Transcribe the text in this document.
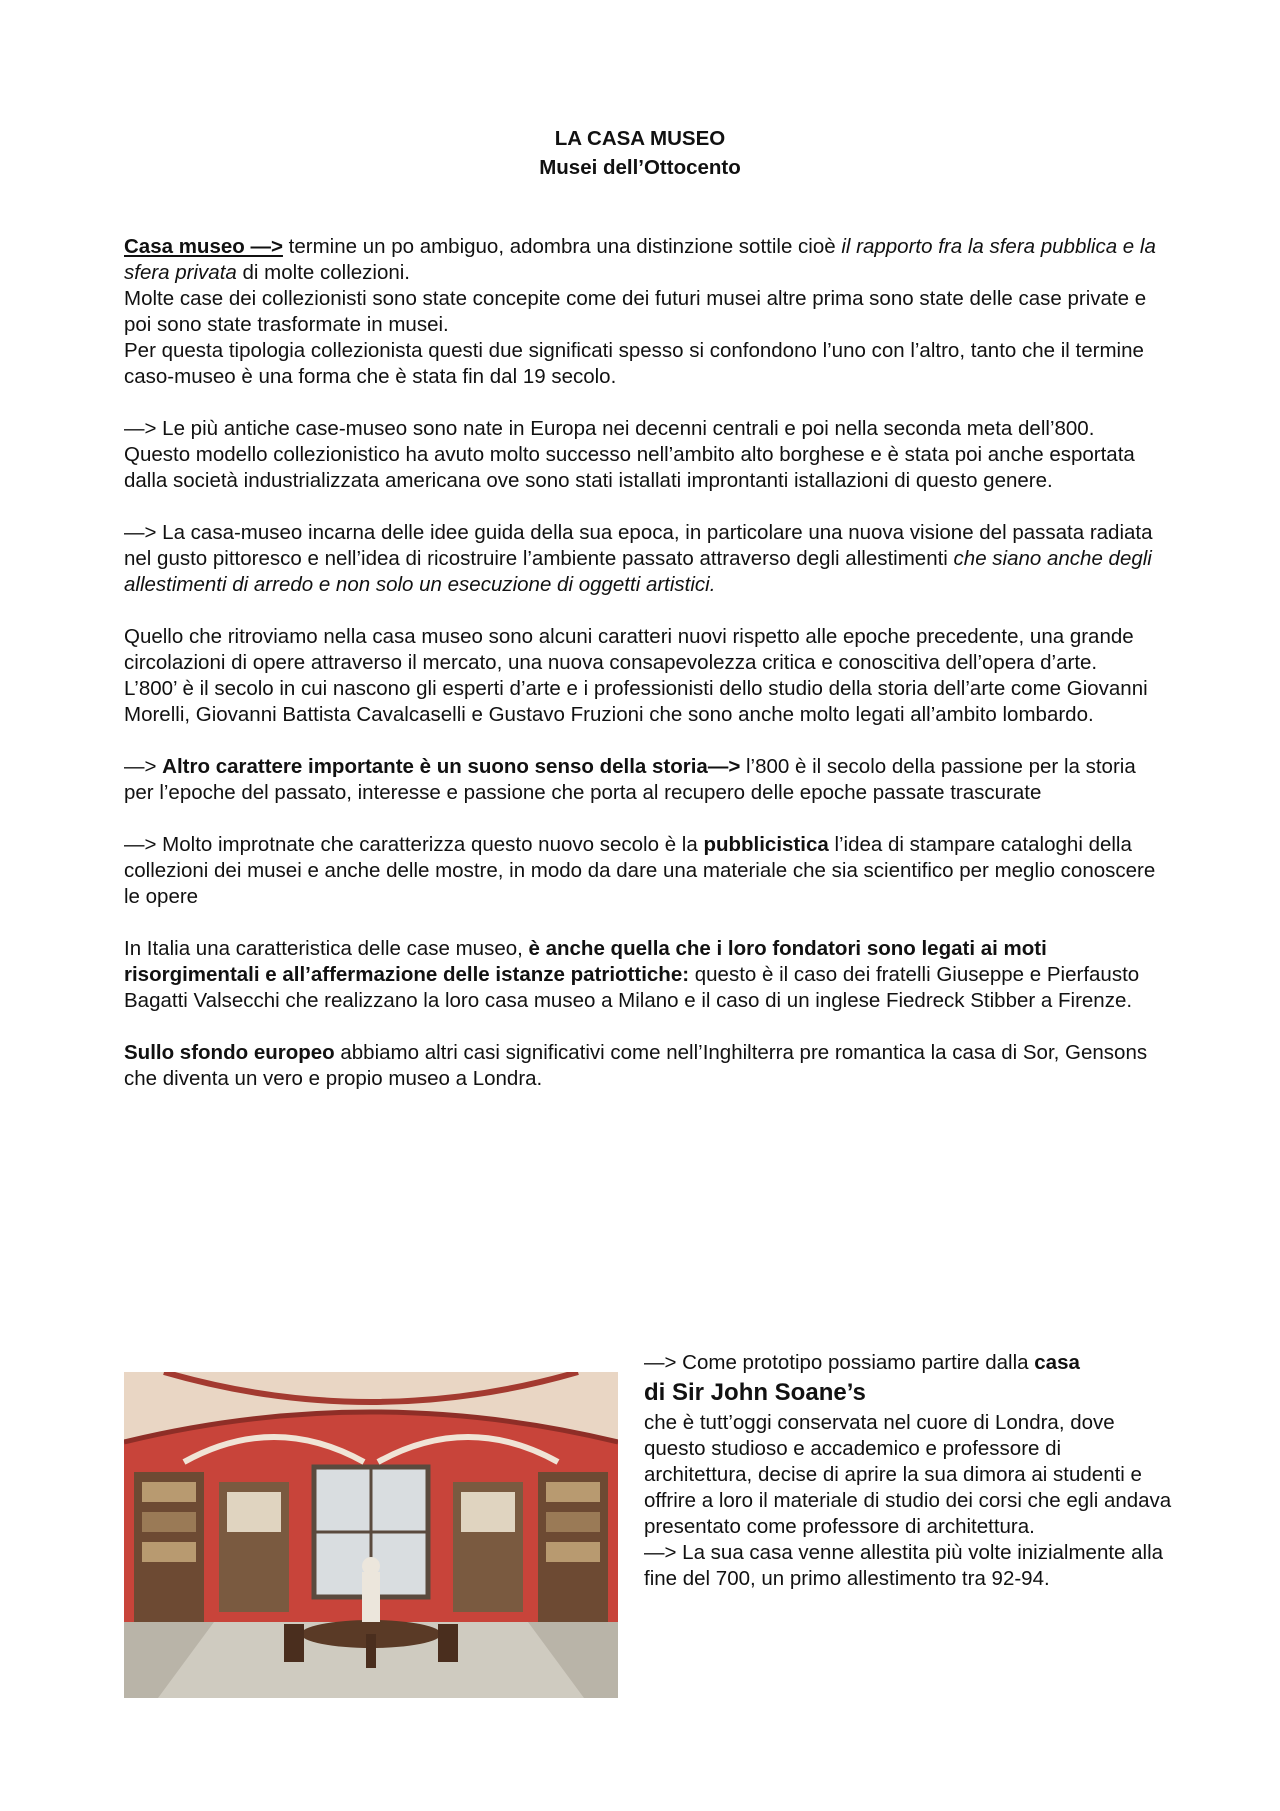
LA CASA MUSEO
Musei dell’Ottocento

Casa museo —> termine un po ambiguo, adombra una distinzione sottile cioè il rapporto fra la sfera pubblica e la sfera privata di molte collezioni.

Molte case dei collezionisti sono state concepite come dei futuri musei altre prima sono state delle case private e poi sono state trasformate in musei.

Per questa tipologia collezionista questi due significati spesso si confondono l’uno con l’altro, tanto che il termine caso-museo è una forma che è stata fin dal 19 secolo.

—> Le più antiche case-museo sono nate in Europa nei decenni centrali e poi nella seconda meta dell’800.

Questo modello collezionistico ha avuto molto successo nell’ambito alto borghese e è stata poi anche esportata dalla società industrializzata americana ove sono stati istallati improntanti istallazioni di questo genere.

—> La casa-museo incarna delle idee guida della sua epoca, in particolare una nuova visione del passata radiata nel gusto pittoresco e nell’idea di ricostruire l’ambiente passato attraverso degli allestimenti che siano anche degli allestimenti di arredo e non solo un esecuzione di oggetti artistici.

Quello che ritroviamo nella casa museo sono alcuni caratteri nuovi rispetto alle epoche precedente, una grande circolazioni di opere attraverso il mercato, una nuova consapevolezza critica e conoscitiva dell’opera d’arte.

L’800’ è il secolo in cui nascono gli esperti d’arte e i professionisti dello studio della storia dell’arte come Giovanni Morelli, Giovanni Battista Cavalcaselli e Gustavo Fruzioni che sono anche molto legati all’ambito lombardo.

—> Altro carattere importante è un suono senso della storia—> l’800 è il secolo della passione per la storia per l’epoche del passato, interesse e passione che porta al recupero delle epoche passate trascurate

—> Molto improtnate che caratterizza questo nuovo secolo è la pubblicistica l’idea di stampare cataloghi della collezioni dei musei e anche delle mostre, in modo da dare una materiale che sia scientifico per meglio conoscere le opere

In Italia una caratteristica delle case museo, è anche quella che i loro fondatori sono legati ai moti risorgimentali e all’affermazione delle istanze patriottiche: questo è il caso dei fratelli Giuseppe e Pierfausto Bagatti Valsecchi che realizzano la loro casa museo a Milano e il caso di un inglese Fiedreck Stibber a Firenze.

Sullo sfondo europeo abbiamo altri casi significativi come nell’Inghilterra pre romantica la casa di Sor, Gensons che diventa un vero e propio museo a Londra.

—> Come prototipo possiamo partire dalla casa
di Sir John Soane’s
che è tutt’oggi conservata nel cuore di Londra, dove questo studioso e accademico e professore di architettura, decise di aprire la sua dimora ai studenti e offrire a loro il materiale di studio dei corsi che egli andava presentato come professore di architettura.
—> La sua casa venne allestita più volte inizialmente alla fine del 700, un primo allestimento tra 92-94.
